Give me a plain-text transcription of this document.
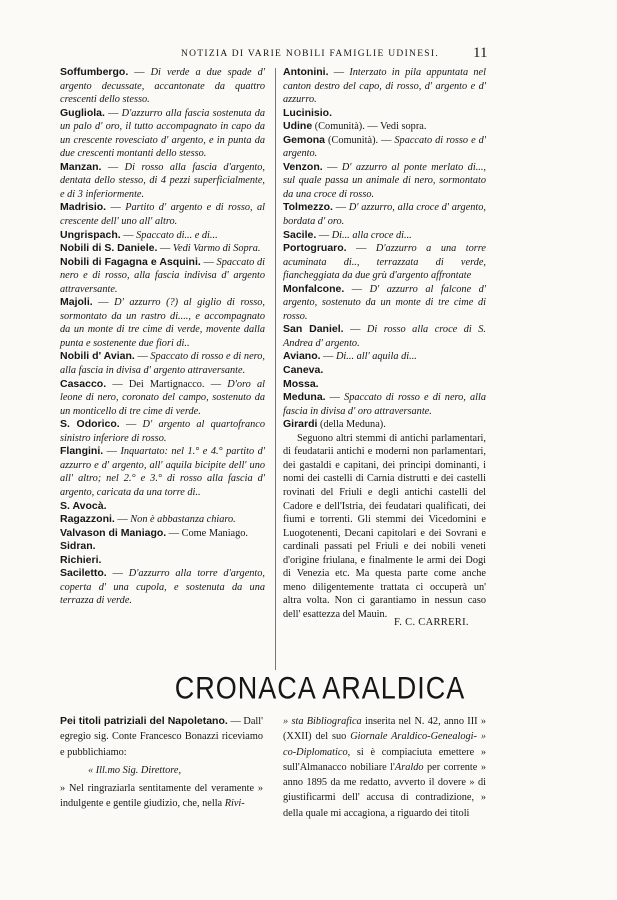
NOTIZIA DI VARIE NOBILI FAMIGLIE UDINESI.	11

Soffumbergo. — Di verde a due spade d' argento decussate, accantonate da quattro crescenti dello stesso.

Gugliola. — D'azzurro alla fascia sostenuta da un palo d' oro, il tutto accompagnato in capo da un crescente rovesciato d' argento, e in punta da due crescenti montanti dello stesso.

Manzan. — Di rosso alla fascia d'argento, dentata dello stesso, di 4 pezzi superficialmente, e di 3 inferiormente.

Madrisio. — Partito d' argento e di rosso, al crescente dell' uno all' altro.

Ungrispach. — Spaccato di... e di...

Nobili di S. Daniele. — Vedi Varmo di Sopra.

Nobili di Fagagna e Asquini. — Spaccato di nero e di rosso, alla fascia indivisa d' argento attraversante.

Majoli. — D' azzurro (?) al giglio di rosso, sormontato da un rastro di...., e accompagnato da un monte di tre cime di verde, movente dalla punta e sostenente due fiori di..

Nobili d' Avian. — Spaccato di rosso e di nero, alla fascia in divisa d' argento attraversante.

Casacco. — Dei Martignacco. — D'oro al leone di nero, coronato del campo, sostenuto da un monticello di tre cime di verde.

S. Odorico. — D' argento al quartofranco sinistro inferiore di rosso.

Flangini. — Inquartato: nel 1.° e 4.° partito d' azzurro e d' argento, all' aquila bicipite dell' uno all' altro; nel 2.° e 3.° di rosso alla fascia d' argento, caricata da una torre di..

S. Avocà.

Ragazzoni. — Non è abbastanza chiaro.

Valvason di Maniago. — Come Maniago.

Sidran.

Richieri.

Saciletto. — D'azzurro alla torre d'argento, coperta d' una cupola, e sostenuta da una terrazza di verde.

Antonini. — Interzato in pila appuntata nel canton destro del capo, di rosso, d' argento e d' azzurro.

Lucinisio.

Udine (Comunità). — Vedi sopra.

Gemona (Comunità). — Spaccato di rosso e d' argento.

Venzon. — D' azzurro al ponte merlato di..., sul quale passa un animale di nero, sormontato da una croce di rosso.

Tolmezzo. — D' azzurro, alla croce d' argento, bordata d' oro.

Sacile. — Di... alla croce di...

Portogruaro. — D'azzurro a una torre acuminata di.., terrazzata di verde, fiancheggiata da due grù d'argento affrontate

Monfalcone. — D' azzurro al falcone d' argento, sostenuto da un monte di tre cime di rosso.

San Daniel. — Di rosso alla croce di S. Andrea d' argento.

Aviano. — Di... all' aquila di...

Caneva.

Mossa.

Meduna. — Spaccato di rosso e di nero, alla fascia in divisa d' oro attraversante.

Girardi (della Meduna).

Seguono altri stemmi di antichi parlamentari, di feudatarii antichi e moderni non parlamentari, dei gastaldi e capitani, dei principi dominanti, i nomi dei castelli di Carnia distrutti e dei castelli rovinati del Friuli e degli antichi castelli del Cadore e dell'Istria, dei feudatari qualificati, dei fiumi e torrenti. Gli stemmi dei Vicedomini e Luogotenenti, Decani capitolari e dei Sovrani e cardinali passati pel Friuli e dei nobili veneti d'origine friulana, e finalmente le armi dei Dogi di Venezia etc. Ma questa parte come anche meno diligentemente trattata ci occuperà un' altra volta. Non ci garantiamo in nessun caso dell' esattezza del Mauin.

F. C. CARRERI.
CRONACA ARALDICA

Pei titoli patriziali del Napoletano. — Dall' egregio sig. Conte Francesco Bonazzi riceviamo e pubblichiamo:

« Ill.mo Sig. Direttore,

» Nel ringraziarla sentitamente del veramente » indulgente e gentile giudizio, che, nella Rivi-

» sta Bibliografica inserita nel N. 42, anno III » (XXII) del suo Giornale Araldico-Genealogi- » co-Diplomatico, si è compiaciuta emettere » sull'Almanacco nobiliare l'Araldo per corrente » anno 1895 da me redatto, avverto il dovere » di giustificarmi dell' accusa di contradizione, » della quale mi accagiona, a riguardo dei titoli
